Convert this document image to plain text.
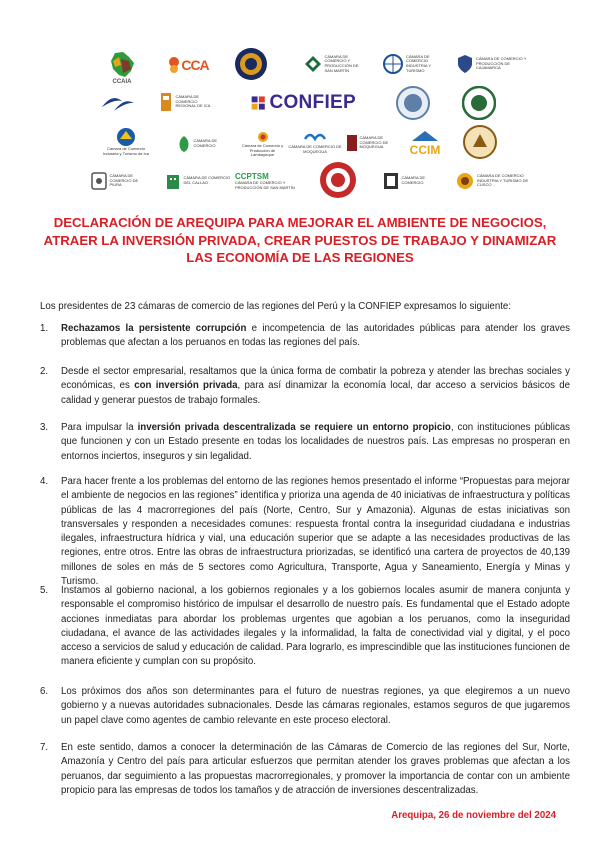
CCAIA
CCA
CÁMARA DE COMERCIO Y PRODUCCIÓN DE SAN MARTÍN
CÁMARA DE COMERCIO INDUSTRIA Y TURISMO
CÁMARA DE COMERCIO Y PRODUCCIÓN DE CAJAMARCA
CÁMARA DE COMERCIO REGIONAL DE ICA	CONFIEP
Cámara de Comercio Industria y Turismo de Ica
CÁMARA DE COMERCIO	Cámara de Comercio y Producción de Lambayeque
CÁMARA DE COMERCIO DE MOQUEGUA
CÁMARA DE COMERCIO DE MOQUEGUA	CCIM
CÁMARA DE COMERCIO DE PIURA
CÁMARA DE COMERCIO DEL CALLAO
CCPTSM
CÁMARA DE COMERCIO Y PRODUCCIÓN DE SAN MARTÍN
CÁMARA DE COMERCIO
CÁMARA DE COMERCIO INDUSTRIA Y TURISMO DE CUSCO
DECLARACIÓN DE AREQUIPA PARA MEJORAR EL AMBIENTE DE NEGOCIOS,
ATRAER LA INVERSIÓN PRIVADA, CREAR PUESTOS DE TRABAJO Y DINAMIZAR
LAS ECONOMÍA DE LAS REGIONES

Los presidentes de 23 cámaras de comercio de las regiones del Perú y la CONFIEP expresamos lo siguiente:

1.	Rechazamos la persistente corrupción e incompetencia de las autoridades públicas para atender los graves problemas que afectan a los peruanos en todas las regiones del país.

2.	Desde el sector empresarial, resaltamos que la única forma de combatir la pobreza y atender las brechas sociales y económicas, es con inversión privada, para así dinamizar la economía local, dar acceso a servicios básicos de calidad y generar puestos de trabajo formales.

3.	Para impulsar la inversión privada descentralizada se requiere un entorno propicio, con instituciones públicas que funcionen y con un Estado presente en todas los localidades de nuestros país. Las empresas no prosperan en entornos inciertos, inseguros y sin legalidad.

4.	Para hacer frente a los problemas del entorno de las regiones hemos presentado el informe “Propuestas para mejorar el ambiente de negocios en las regiones” identifica y prioriza una agenda de 40 iniciativas de infraestructura y políticas públicas de las 4 macrorregiones del país (Norte, Centro, Sur y Amazonia). Algunas de estas iniciativas son transversales y responden a necesidades comunes: respuesta frontal contra la inseguridad ciudadana e industrias ilegales, infraestructura hídrica y vial, una educación superior que se adapte a las necesidades productivas de las regiones, entre otros. Entre las obras de infraestructura priorizadas, se identificó una cartera de proyectos de 40,139 millones de soles en más de 5 sectores como Agricultura, Transporte, Agua y Saneamiento, Energía y Minas y Turismo.

5.	Instamos al gobierno nacional, a los gobiernos regionales y a los gobiernos locales asumir de manera conjunta y responsable el compromiso histórico de impulsar el desarrollo de nuestro país. Es fundamental que el Estado adopte acciones inmediatas para abordar los problemas urgentes que agobian a los peruanos, como la inseguridad ciudadana, el avance de las actividades ilegales y la informalidad, la falta de conectividad vial y digital, y el poco acceso a servicios de salud y educación de calidad. Para lograrlo, es imprescindible que las instituciones funcionen de manera eficiente y cumplan con su propósito.

6.	Los próximos dos años son determinantes para el futuro de nuestras regiones, ya que elegiremos a un nuevo gobierno y a nuevas autoridades subnacionales. Desde las cámaras regionales, estamos seguros de que jugaremos un papel clave como agentes de cambio relevante en este proceso electoral.

7.	En este sentido, damos a conocer la determinación de las Cámaras de Comercio de las regiones del Sur, Norte, Amazonía y Centro del país para articular esfuerzos que permitan atender los graves problemas que afectan a los peruanos, dar seguimiento a las propuestas macrorregionales, y promover la importancia de contar con un ambiente propicio para las empresas de todos los tamaños y de atracción de inversiones descentralizadas.

Arequipa, 26 de noviembre del 2024
